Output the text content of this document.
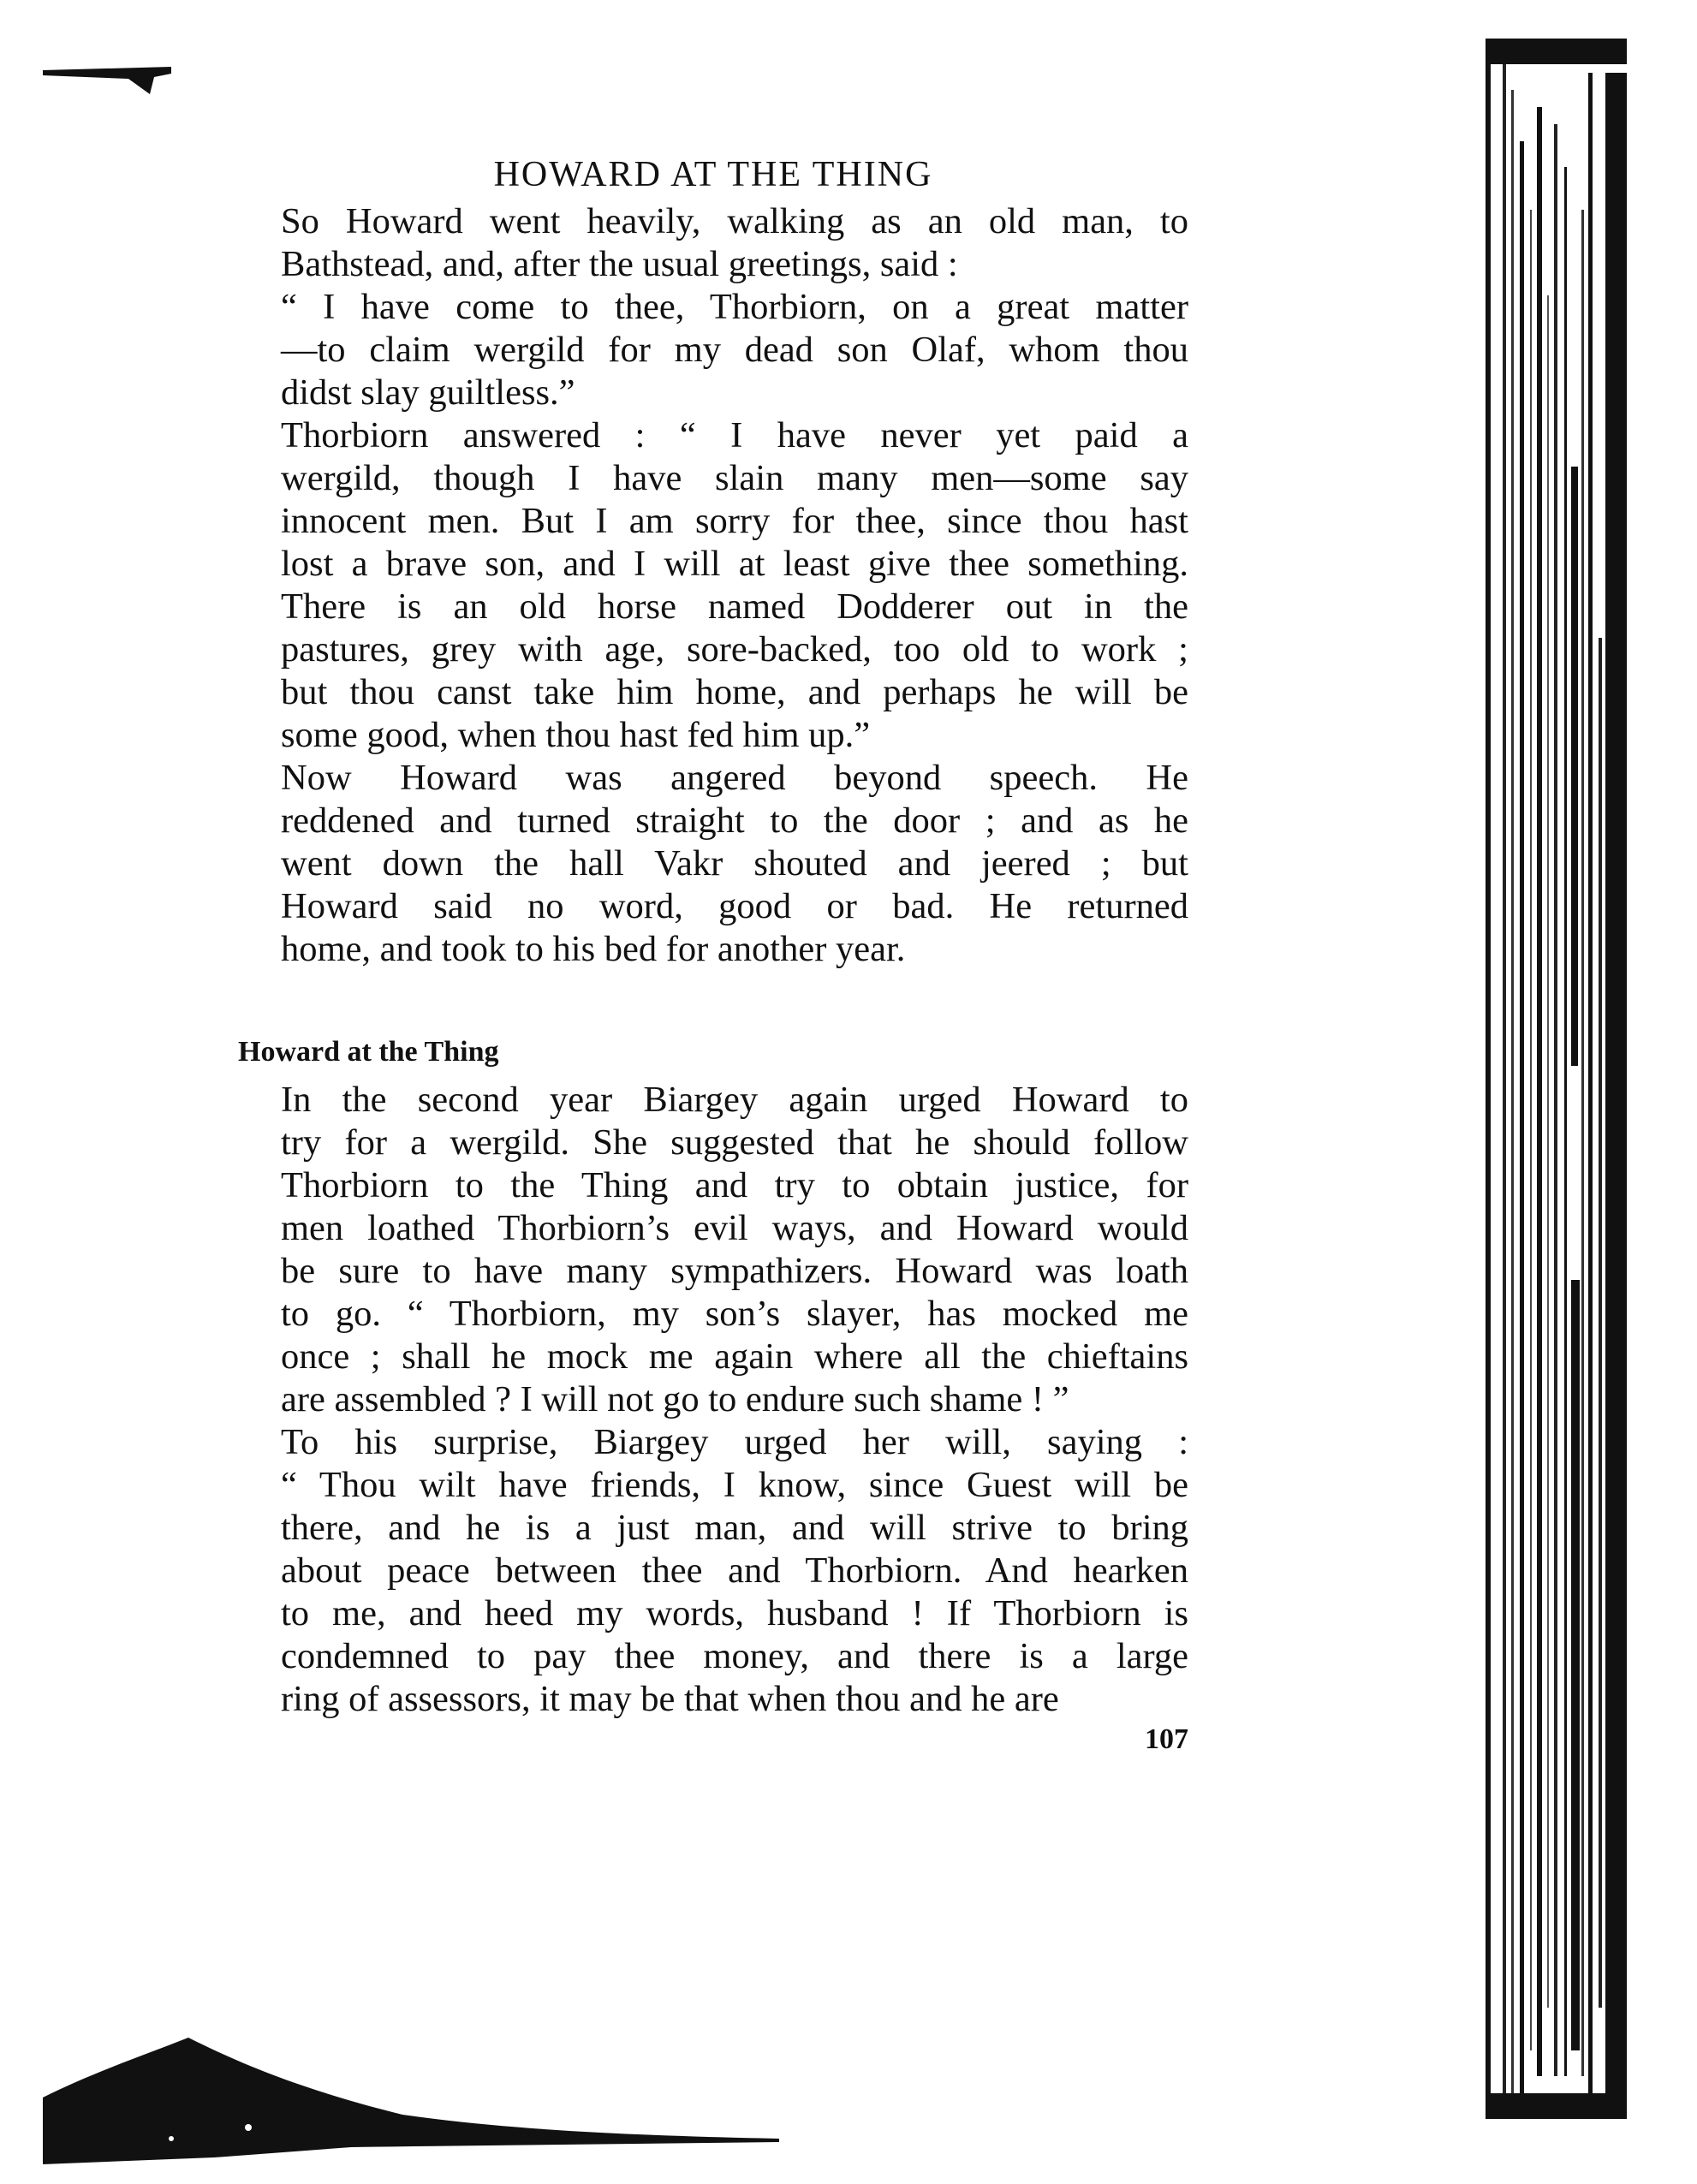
HOWARD AT THE THING

So Howard went heavily, walking as an old man, to
Bathstead, and, after the usual greetings, said :

“ I have come to thee, Thorbiorn, on a great matter
—to claim wergild for my dead son Olaf, whom thou
didst slay guiltless.”

Thorbiorn answered : “ I have never yet paid a
wergild, though I have slain many men—some say
innocent men. But I am sorry for thee, since thou hast
lost a brave son, and I will at least give thee something.
There is an old horse named Dodderer out in the
pastures, grey with age, sore-backed, too old to work ;
but thou canst take him home, and perhaps he will be
some good, when thou hast fed him up.”

Now Howard was angered beyond speech. He
reddened and turned straight to the door ; and as he
went down the hall Vakr shouted and jeered ; but
Howard said no word, good or bad. He returned
home, and took to his bed for another year.

Howard at the Thing

In the second year Biargey again urged Howard to
try for a wergild. She suggested that he should follow
Thorbiorn to the Thing and try to obtain justice, for
men loathed Thorbiorn’s evil ways, and Howard would
be sure to have many sympathizers. Howard was loath
to go. “ Thorbiorn, my son’s slayer, has mocked me
once ; shall he mock me again where all the chieftains
are assembled ? I will not go to endure such shame ! ”

To his surprise, Biargey urged her will, saying :
“ Thou wilt have friends, I know, since Guest will be
there, and he is a just man, and will strive to bring
about peace between thee and Thorbiorn. And hearken
to me, and heed my words, husband ! If Thorbiorn is
condemned to pay thee money, and there is a large
ring of assessors, it may be that when thou and he are

107
